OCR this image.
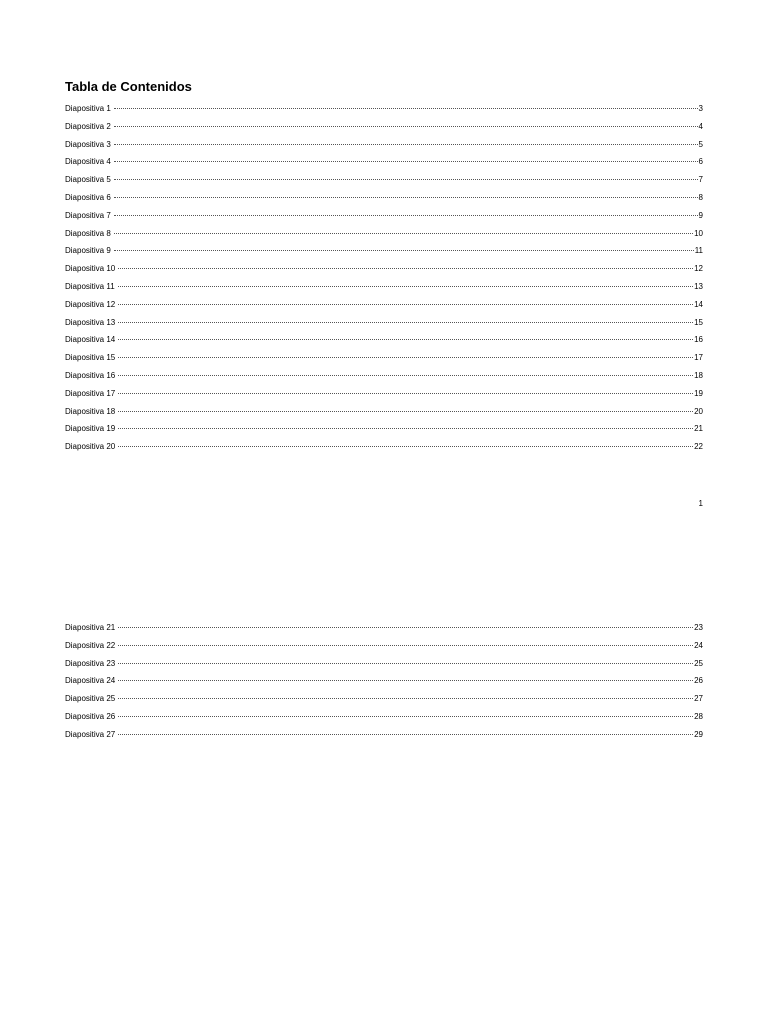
Tabla de Contenidos
Diapositiva 1	3
Diapositiva 2	4
Diapositiva 3	5
Diapositiva 4	6
Diapositiva 5	7
Diapositiva 6	8
Diapositiva 7	9
Diapositiva 8	10
Diapositiva 9	11
Diapositiva 10	12
Diapositiva 11	13
Diapositiva 12	14
Diapositiva 13	15
Diapositiva 14	16
Diapositiva 15	17
Diapositiva 16	18
Diapositiva 17	19
Diapositiva 18	20
Diapositiva 19	21
Diapositiva 20	22
1
Diapositiva 21	23
Diapositiva 22	24
Diapositiva 23	25
Diapositiva 24	26
Diapositiva 25	27
Diapositiva 26	28
Diapositiva 27	29
